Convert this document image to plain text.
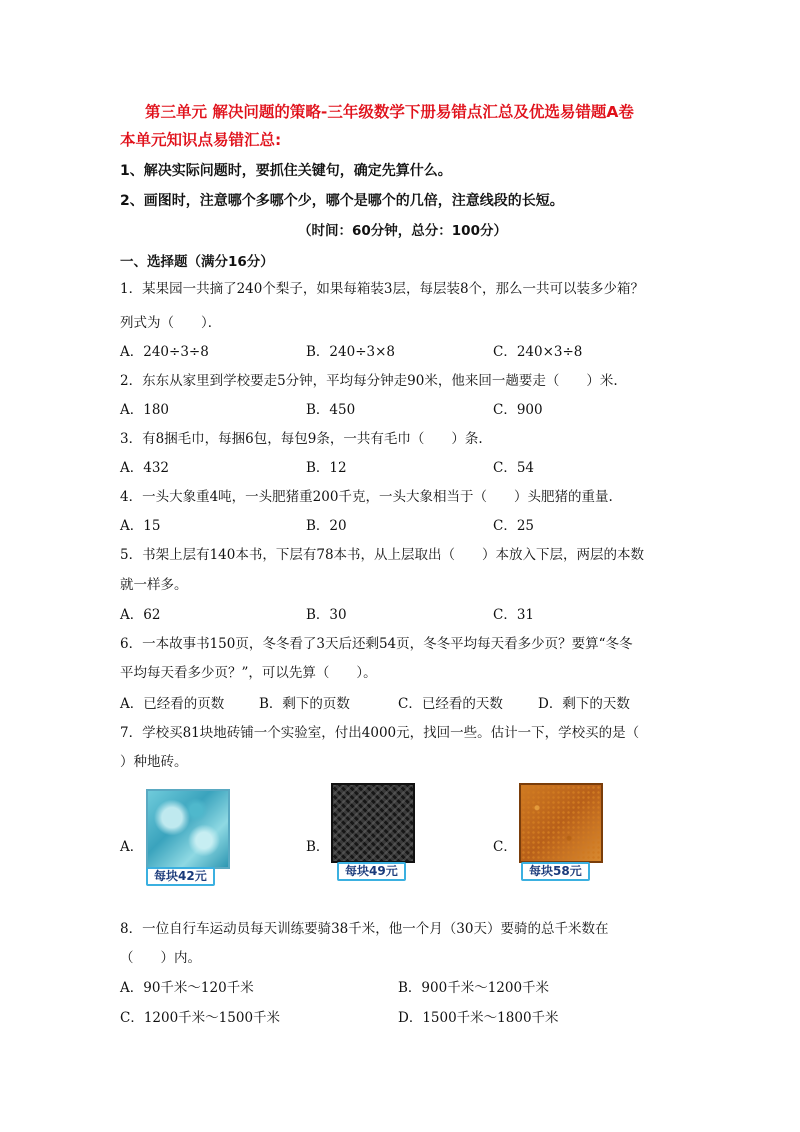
第三单元 解决问题的策略-三年级数学下册易错点汇总及优选易错题A卷
本单元知识点易错汇总:
1、解决实际问题时，要抓住关键句，确定先算什么。
2、画图时，注意哪个多哪个少，哪个是哪个的几倍，注意线段的长短。
（时间：60分钟，总分：100分）
一、选择题（满分16分）
1．某果园一共摘了240个梨子，如果每箱装3层，每层装8个，那么一共可以装多少箱？
列式为（　　）．
A．240÷3÷8	B．240÷3×8	C．240×3÷8
2．东东从家里到学校要走5分钟，平均每分钟走90米，他来回一趟要走（　　）米.
A．180	B．450	C．900
3．有8捆毛巾，每捆6包，每包9条，一共有毛巾（　　）条.
A．432	B．12	C．54
4．一头大象重4吨，一头肥猪重200千克，一头大象相当于（　　）头肥猪的重量.
A．15	B．20	C．25
5．书架上层有140本书，下层有78本书，从上层取出（　　）本放入下层，两层的本数
就一样多。
A．62	B．30	C．31
6．一本故事书150页，冬冬看了3天后还剩54页，冬冬平均每天看多少页？要算“冬冬
平均每天看多少页？”，可以先算（　　）。
A．已经看的页数	B．剩下的页数	C．已经看的天数	D．剩下的天数
7．学校买81块地砖铺一个实验室，付出4000元，找回一些。估计一下，学校买的是（
）种地砖。
A．
每块42元
B．
每块49元
C．
每块58元
8．一位自行车运动员每天训练要骑38千米，他一个月（30天）要骑的总千米数在
（　　）内。
A．90千米～120千米	B．900千米～1200千米
C．1200千米～1500千米	D．1500千米～1800千米
